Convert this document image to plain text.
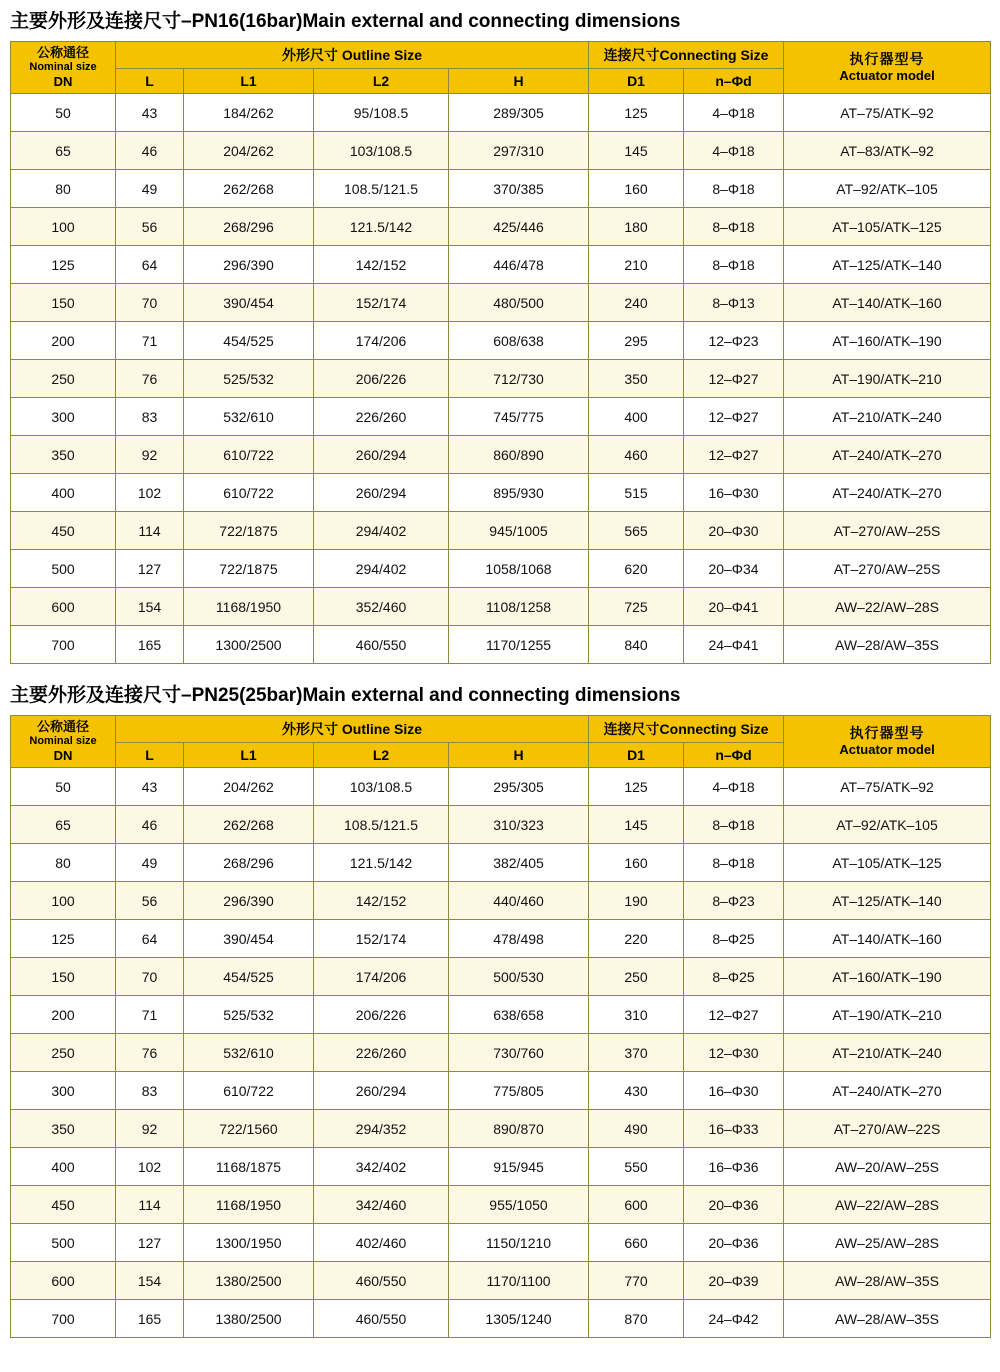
主要外形及连接尺寸–PN16(16bar)Main external and connecting dimensions
公称通径
Nominal size
DN	外形尺寸 Outline Size				连接尺寸Connecting Size		执行器型号
Actuator model

	L	L1	L2	H	D1	n–Φd	
50	43	184/262	95/108.5	289/305	125	4–Φ18	AT–75/ATK–92
65	46	204/262	103/108.5	297/310	145	4–Φ18	AT–83/ATK–92
80	49	262/268	108.5/121.5	370/385	160	8–Φ18	AT–92/ATK–105
100	56	268/296	121.5/142	425/446	180	8–Φ18	AT–105/ATK–125
125	64	296/390	142/152	446/478	210	8–Φ18	AT–125/ATK–140
150	70	390/454	152/174	480/500	240	8–Φ13	AT–140/ATK–160
200	71	454/525	174/206	608/638	295	12–Φ23	AT–160/ATK–190
250	76	525/532	206/226	712/730	350	12–Φ27	AT–190/ATK–210
300	83	532/610	226/260	745/775	400	12–Φ27	AT–210/ATK–240
350	92	610/722	260/294	860/890	460	12–Φ27	AT–240/ATK–270
400	102	610/722	260/294	895/930	515	16–Φ30	AT–240/ATK–270
450	114	722/1875	294/402	945/1005	565	20–Φ30	AT–270/AW–25S
500	127	722/1875	294/402	1058/1068	620	20–Φ34	AT–270/AW–25S
600	154	1168/1950	352/460	1108/1258	725	20–Φ41	AW–22/AW–28S
700	165	1300/2500	460/550	1170/1255	840	24–Φ41	AW–28/AW–35S
主要外形及连接尺寸–PN25(25bar)Main external and connecting dimensions
公称通径
Nominal size
DN	外形尺寸 Outline Size				连接尺寸Connecting Size		执行器型号
Actuator model

	L	L1	L2	H	D1	n–Φd	
50	43	204/262	103/108.5	295/305	125	4–Φ18	AT–75/ATK–92
65	46	262/268	108.5/121.5	310/323	145	8–Φ18	AT–92/ATK–105
80	49	268/296	121.5/142	382/405	160	8–Φ18	AT–105/ATK–125
100	56	296/390	142/152	440/460	190	8–Φ23	AT–125/ATK–140
125	64	390/454	152/174	478/498	220	8–Φ25	AT–140/ATK–160
150	70	454/525	174/206	500/530	250	8–Φ25	AT–160/ATK–190
200	71	525/532	206/226	638/658	310	12–Φ27	AT–190/ATK–210
250	76	532/610	226/260	730/760	370	12–Φ30	AT–210/ATK–240
300	83	610/722	260/294	775/805	430	16–Φ30	AT–240/ATK–270
350	92	722/1560	294/352	890/870	490	16–Φ33	AT–270/AW–22S
400	102	1168/1875	342/402	915/945	550	16–Φ36	AW–20/AW–25S
450	114	1168/1950	342/460	955/1050	600	20–Φ36	AW–22/AW–28S
500	127	1300/1950	402/460	1150/1210	660	20–Φ36	AW–25/AW–28S
600	154	1380/2500	460/550	1170/1100	770	20–Φ39	AW–28/AW–35S
700	165	1380/2500	460/550	1305/1240	870	24–Φ42	AW–28/AW–35S
